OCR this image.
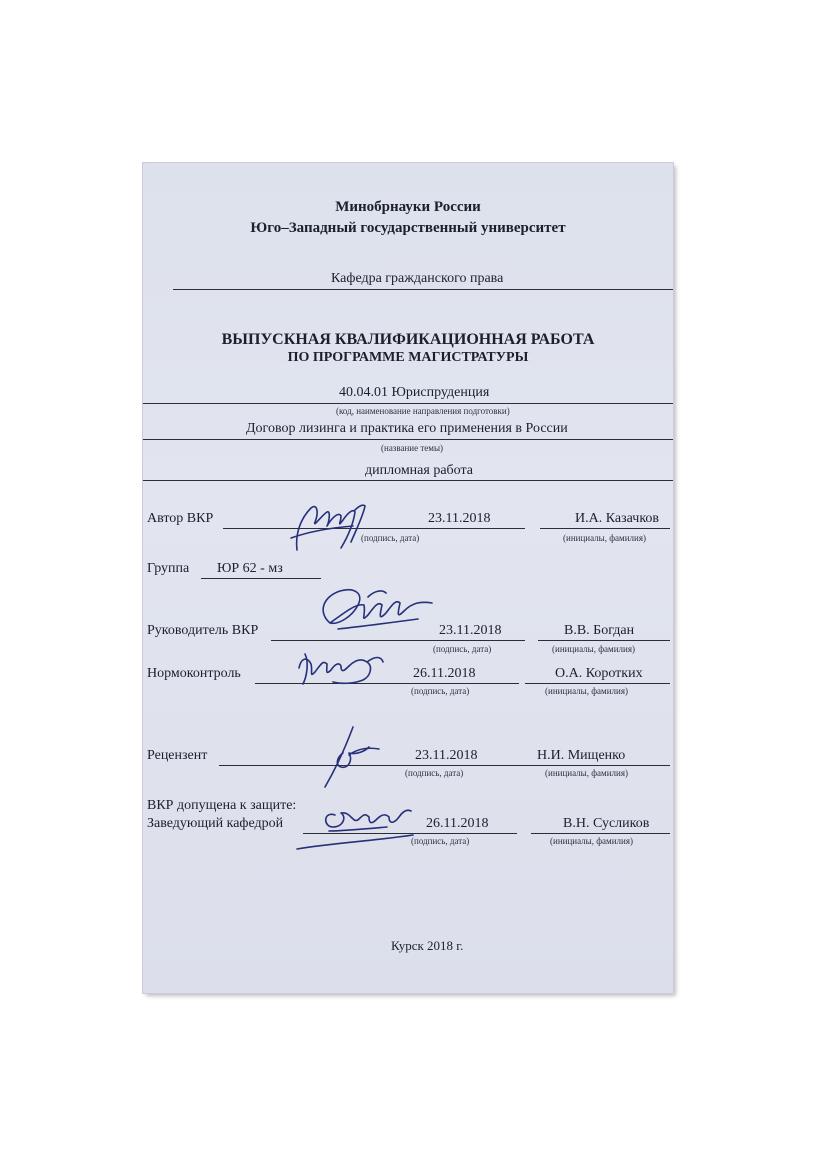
Минобрнауки России
Юго–Западный государственный университет
Кафедра гражданского права
ВЫПУСКНАЯ КВАЛИФИКАЦИОННАЯ РАБОТА
ПО ПРОГРАММЕ МАГИСТРАТУРЫ
40.04.01 Юриспруденция
(код, наименование направления подготовки)
Договор лизинга и практика его применения в России
(название темы)
дипломная работа
Автор ВКР	23.11.2018	И.А. Казачков
(подпись, дата)	(инициалы, фамилия)
Группа ЮР 62 - мз
Руководитель ВКР	23.11.2018	В.В. Богдан
(подпись, дата)	(инициалы, фамилия)
Нормоконтроль	26.11.2018	О.А. Коротких
(подпись, дата)	(инициалы, фамилия)
Рецензент	23.11.2018	Н.И. Мищенко
(подпись, дата)	(инициалы, фамилия)
ВКР допущена к защите:
Заведующий кафедрой	26.11.2018	В.Н. Сусликов
(подпись, дата)	(инициалы, фамилия)
Курск 2018 г.
